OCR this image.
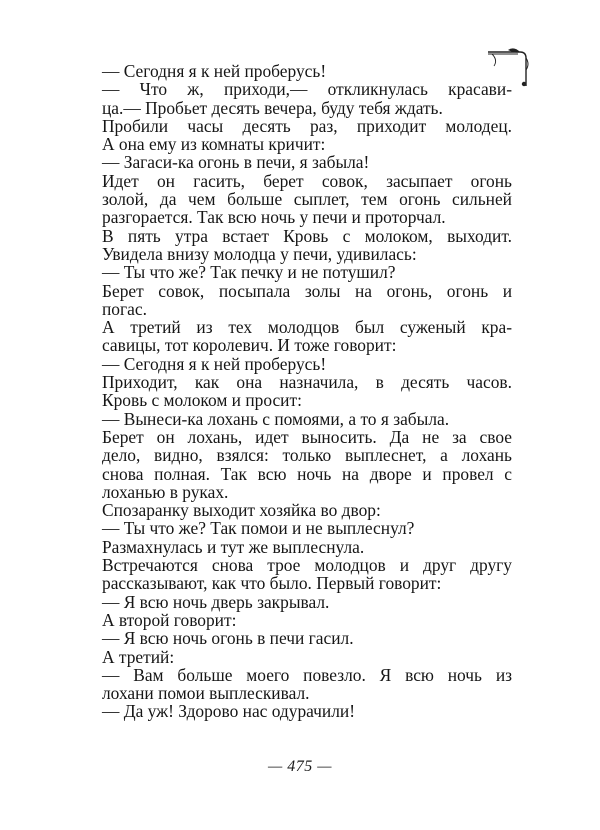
— Сегодня я к ней проберусь!
— Что ж, приходи,— откликнулась красави-
ца.— Пробьет десять вечера, буду тебя ждать.
Пробили часы десять раз, приходит молодец.
А она ему из комнаты кричит:
— Загаси-ка огонь в печи, я забыла!
Идет он гасить, берет совок, засыпает огонь
золой, да чем больше сыплет, тем огонь сильней
разгорается. Так всю ночь у печи и проторчал.
В пять утра встает Кровь с молоком, выходит.
Увидела внизу молодца у печи, удивилась:
— Ты что же? Так печку и не потушил?
Берет совок, посыпала золы на огонь, огонь и
погас.
А третий из тех молодцов был суженый кра-
савицы, тот королевич. И тоже говорит:
— Сегодня я к ней проберусь!
Приходит, как она назначила, в десять часов.
Кровь с молоком и просит:
— Вынеси-ка лохань с помоями, а то я забыла.
Берет он лохань, идет выносить. Да не за свое
дело, видно, взялся: только выплеснет, а лохань
снова полная. Так всю ночь на дворе и провел с
лоханью в руках.
Спозаранку выходит хозяйка во двор:
— Ты что же? Так помои и не выплеснул?
Размахнулась и тут же выплеснула.
Встречаются снова трое молодцов и друг другу
рассказывают, как что было. Первый говорит:
— Я всю ночь дверь закрывал.
А второй говорит:
— Я всю ночь огонь в печи гасил.
А третий:
— Вам больше моего повезло. Я всю ночь из
лохани помои выплескивал.
— Да уж! Здорово нас одурачили!
— 475 —
